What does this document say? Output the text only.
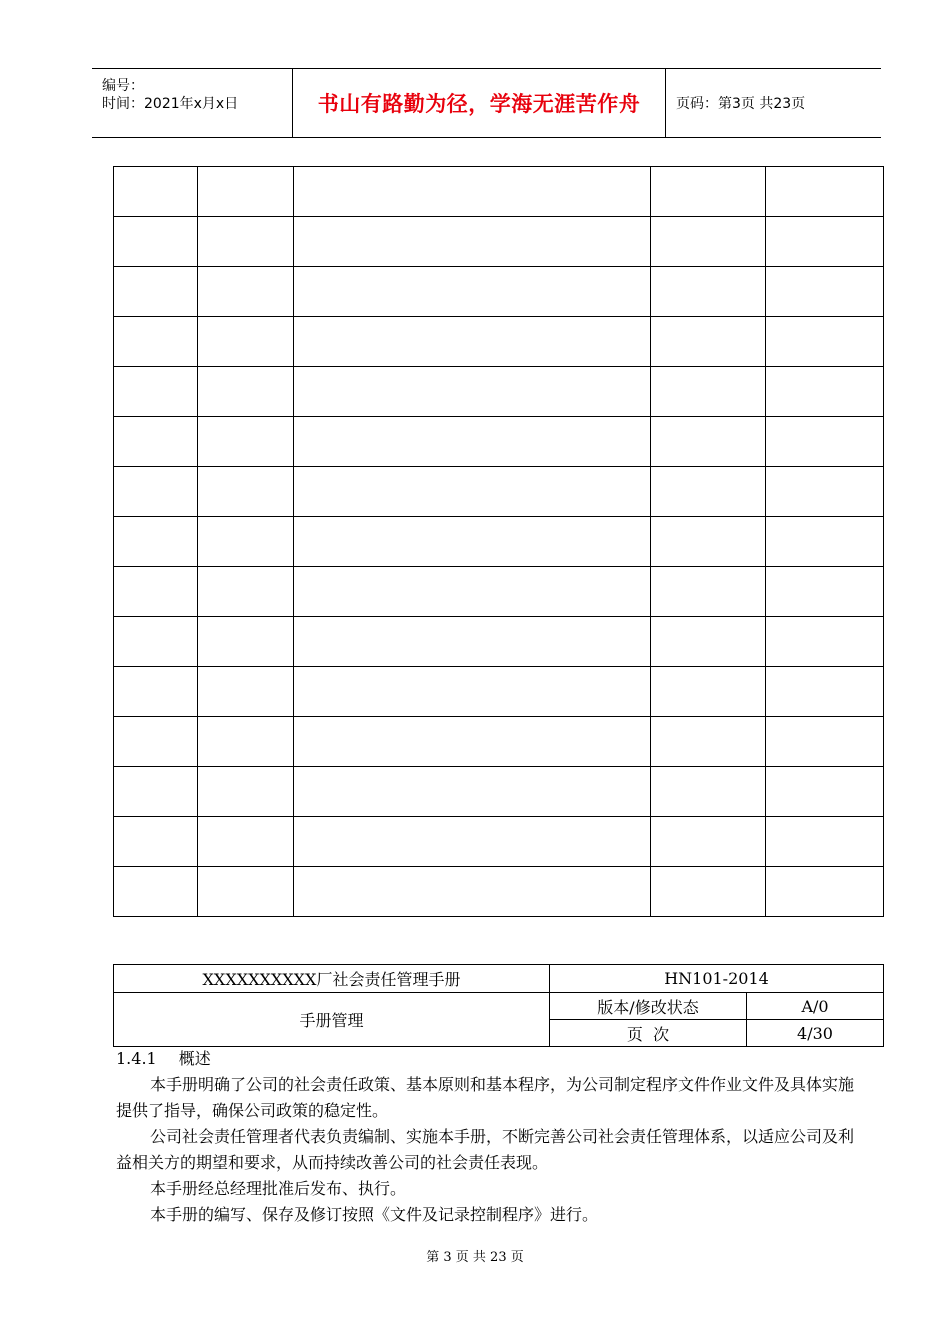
编号：
时间：2021年x月x日	书山有路勤为径，学海无涯苦作舟	页码：第3页 共23页

XXXXXXXXXX厂社会责任管理手册	HN101-2014	
手册管理	版本/修改状态	A/0
	页  次	4/30
1.4.1 概述

本手册明确了公司的社会责任政策、基本原则和基本程序，为公司制定程序文件作业文件及具体实施提供了指导，确保公司政策的稳定性。

公司社会责任管理者代表负责编制、实施本手册，不断完善公司社会责任管理体系，以适应公司及利益相关方的期望和要求，从而持续改善公司的社会责任表现。

本手册经总经理批准后发布、执行。

本手册的编写、保存及修订按照《文件及记录控制程序》进行。

第 3 页 共 23 页
